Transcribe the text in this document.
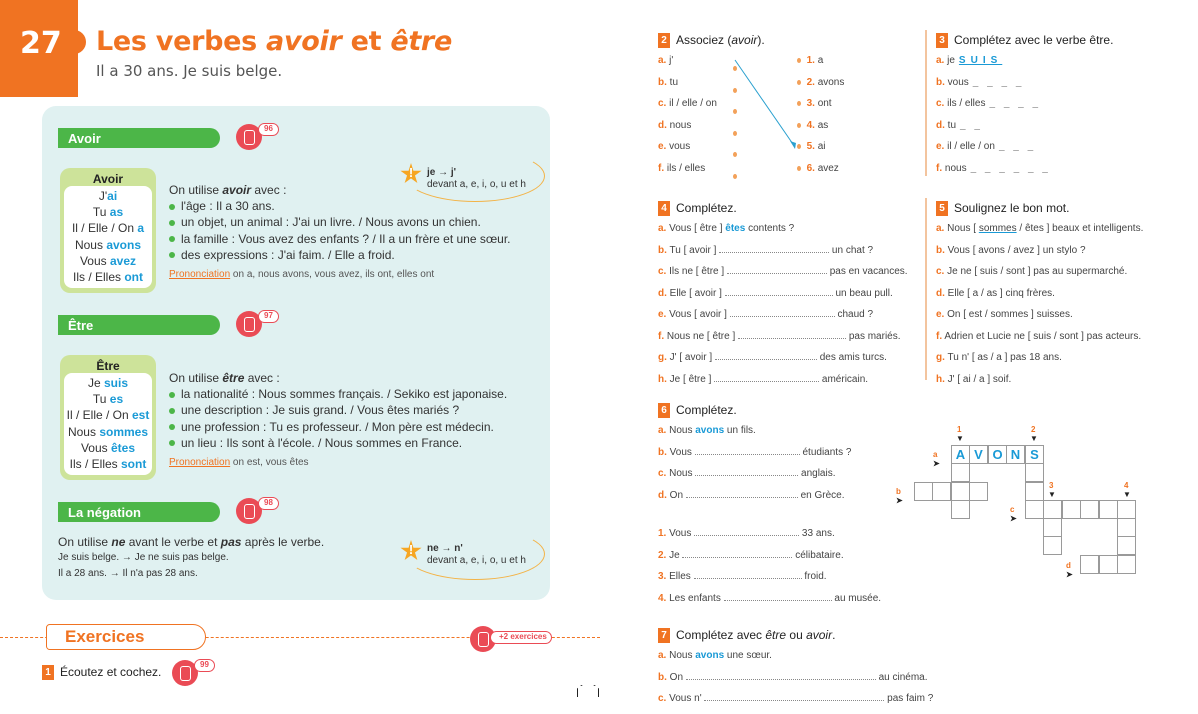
27 Les verbes avoir et être
Il a 30 ans. Je suis belge.
Avoir
96
Avoir
J'ai
Tu as
Il / Elle / On a
Nous avons
Vous avez
Ils / Elles ont
On utilise avoir avec :
l'âge : Il a 30 ans.
un objet, un animal : J'ai un livre. / Nous avons un chien.
la famille : Vous avez des enfants ? / Il a un frère et une sœur.
des expressions : J'ai faim. / Elle a froid.
Prononciation on a, nous avons, vous avez, ils ont, elles ont
!	je → j'
devant a, e, i, o, u et h
Être
97
Être
Je suis
Tu es
Il / Elle / On est
Nous sommes
Vous êtes
Ils / Elles sont
On utilise être avec :
la nationalité : Nous sommes français. / Sekiko est japonaise.
une description : Je suis grand. / Vous êtes mariés ?
une profession : Tu es professeur. / Mon père est médecin.
un lieu : Ils sont à l'école. / Nous sommes en France.
Prononciation on est, vous êtes
La négation
98
On utilise ne avant le verbe et pas après le verbe.
Je suis belge. → Je ne suis pas belge.
Il a 28 ans. → Il n'a pas 28 ans.
!	ne → n'
devant a, e, i, o, u et h
Exercices	+2 exercices
1 Écoutez et cochez.
99
2 Associez (avoir).
a. j'
b. tu
c. il / elle / on
d. nous
e. vous
f. ils / elles
1. a
2. avons
3. ont
4. as
5. ai
6. avez
3 Complétez avec le verbe être.
a. je SUIS
b. vous _ _ _ _
c. ils / elles _ _ _ _
d. tu _ _
e. il / elle / on _ _ _
f. nous _ _ _ _ _ _
4 Complétez.
a. Vous [ être ] êtes contents ?
b. Tu [ avoir ]	un chat ?
c. Ils ne [ être ]	pas en vacances.
d. Elle [ avoir ]	un beau pull.
e. Vous [ avoir ]	chaud ?
f. Nous ne [ être ]	pas mariés.
g. J' [ avoir ]	des amis turcs.
h. Je [ être ]	américain.
5 Soulignez le bon mot.
a. Nous [ sommes / êtes ] beaux et intelligents.
b. Vous [ avons / avez ] un stylo ?
c. Je ne [ suis / sont ] pas au supermarché.
d. Elle [ a / as ] cinq frères.
e. On [ est / sommes ] suisses.
f. Adrien et Lucie ne [ suis / sont ] pas acteurs.
g. Tu n' [ as / a ] pas 18 ans.
h. J' [ ai / a ] soif.
6 Complétez.
a. Nous avons un fils.
b. Vous	étudiants ?
c. Nous	anglais.
d. On	en Grèce.
1. Vous	33 ans.
2. Je	célibataire.
3. Elles	froid.
4. Les enfants	au musée.
1
▼
2
▼
3
▼
4
▼
a ➤
b ➤
c ➤
d ➤
A V O N S
7 Complétez avec être ou avoir.
a. Nous avons une sœur.
b. On	au cinéma.
c. Vous n'	pas faim ?
